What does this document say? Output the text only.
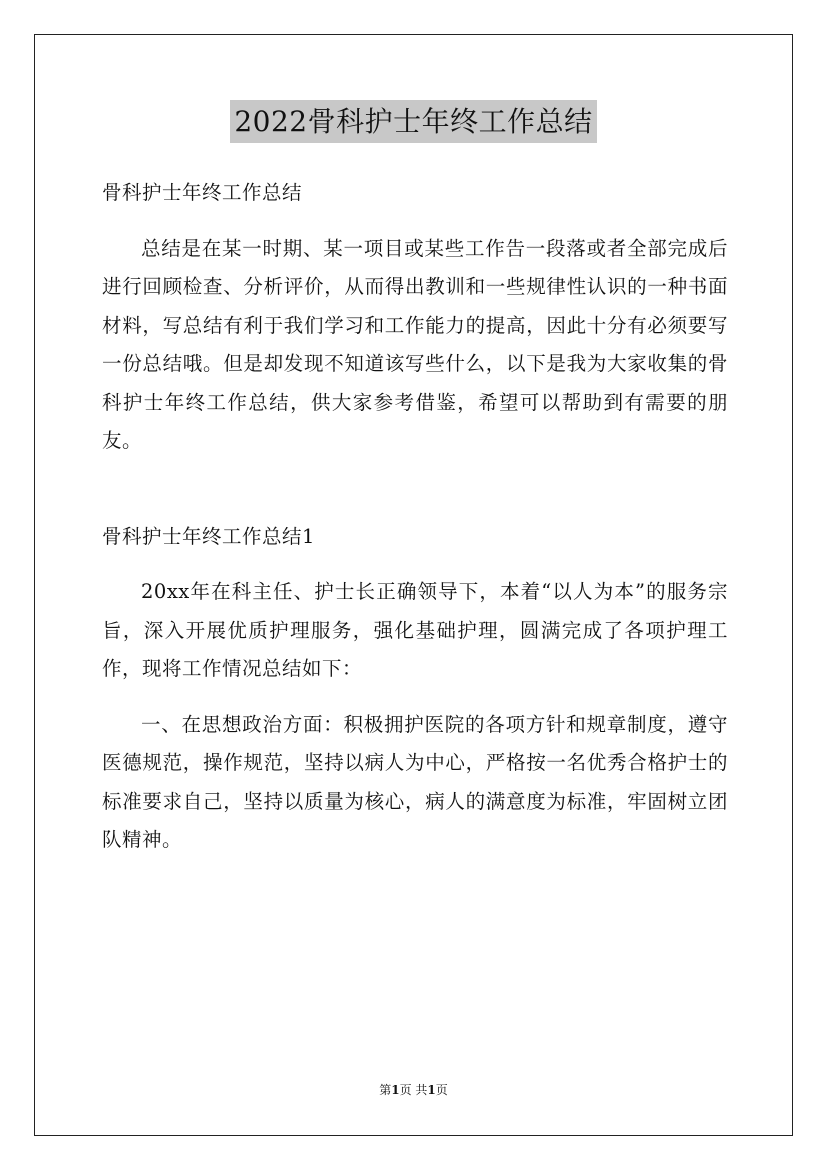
2022骨科护士年终工作总结

骨科护士年终工作总结

总结是在某一时期、某一项目或某些工作告一段落或者全部完成后进行回顾检查、分析评价，从而得出教训和一些规律性认识的一种书面材料，写总结有利于我们学习和工作能力的提高，因此十分有必须要写一份总结哦。但是却发现不知道该写些什么，以下是我为大家收集的骨科护士年终工作总结，供大家参考借鉴，希望可以帮助到有需要的朋友。

骨科护士年终工作总结1

20xx年在科主任、护士长正确领导下，本着“以人为本”的服务宗旨，深入开展优质护理服务，强化基础护理，圆满完成了各项护理工作，现将工作情况总结如下：

一、在思想政治方面：积极拥护医院的各项方针和规章制度，遵守医德规范，操作规范，坚持以病人为中心，严格按一名优秀合格护士的标准要求自己，坚持以质量为核心，病人的满意度为标准，牢固树立团队精神。

第1页 共1页
